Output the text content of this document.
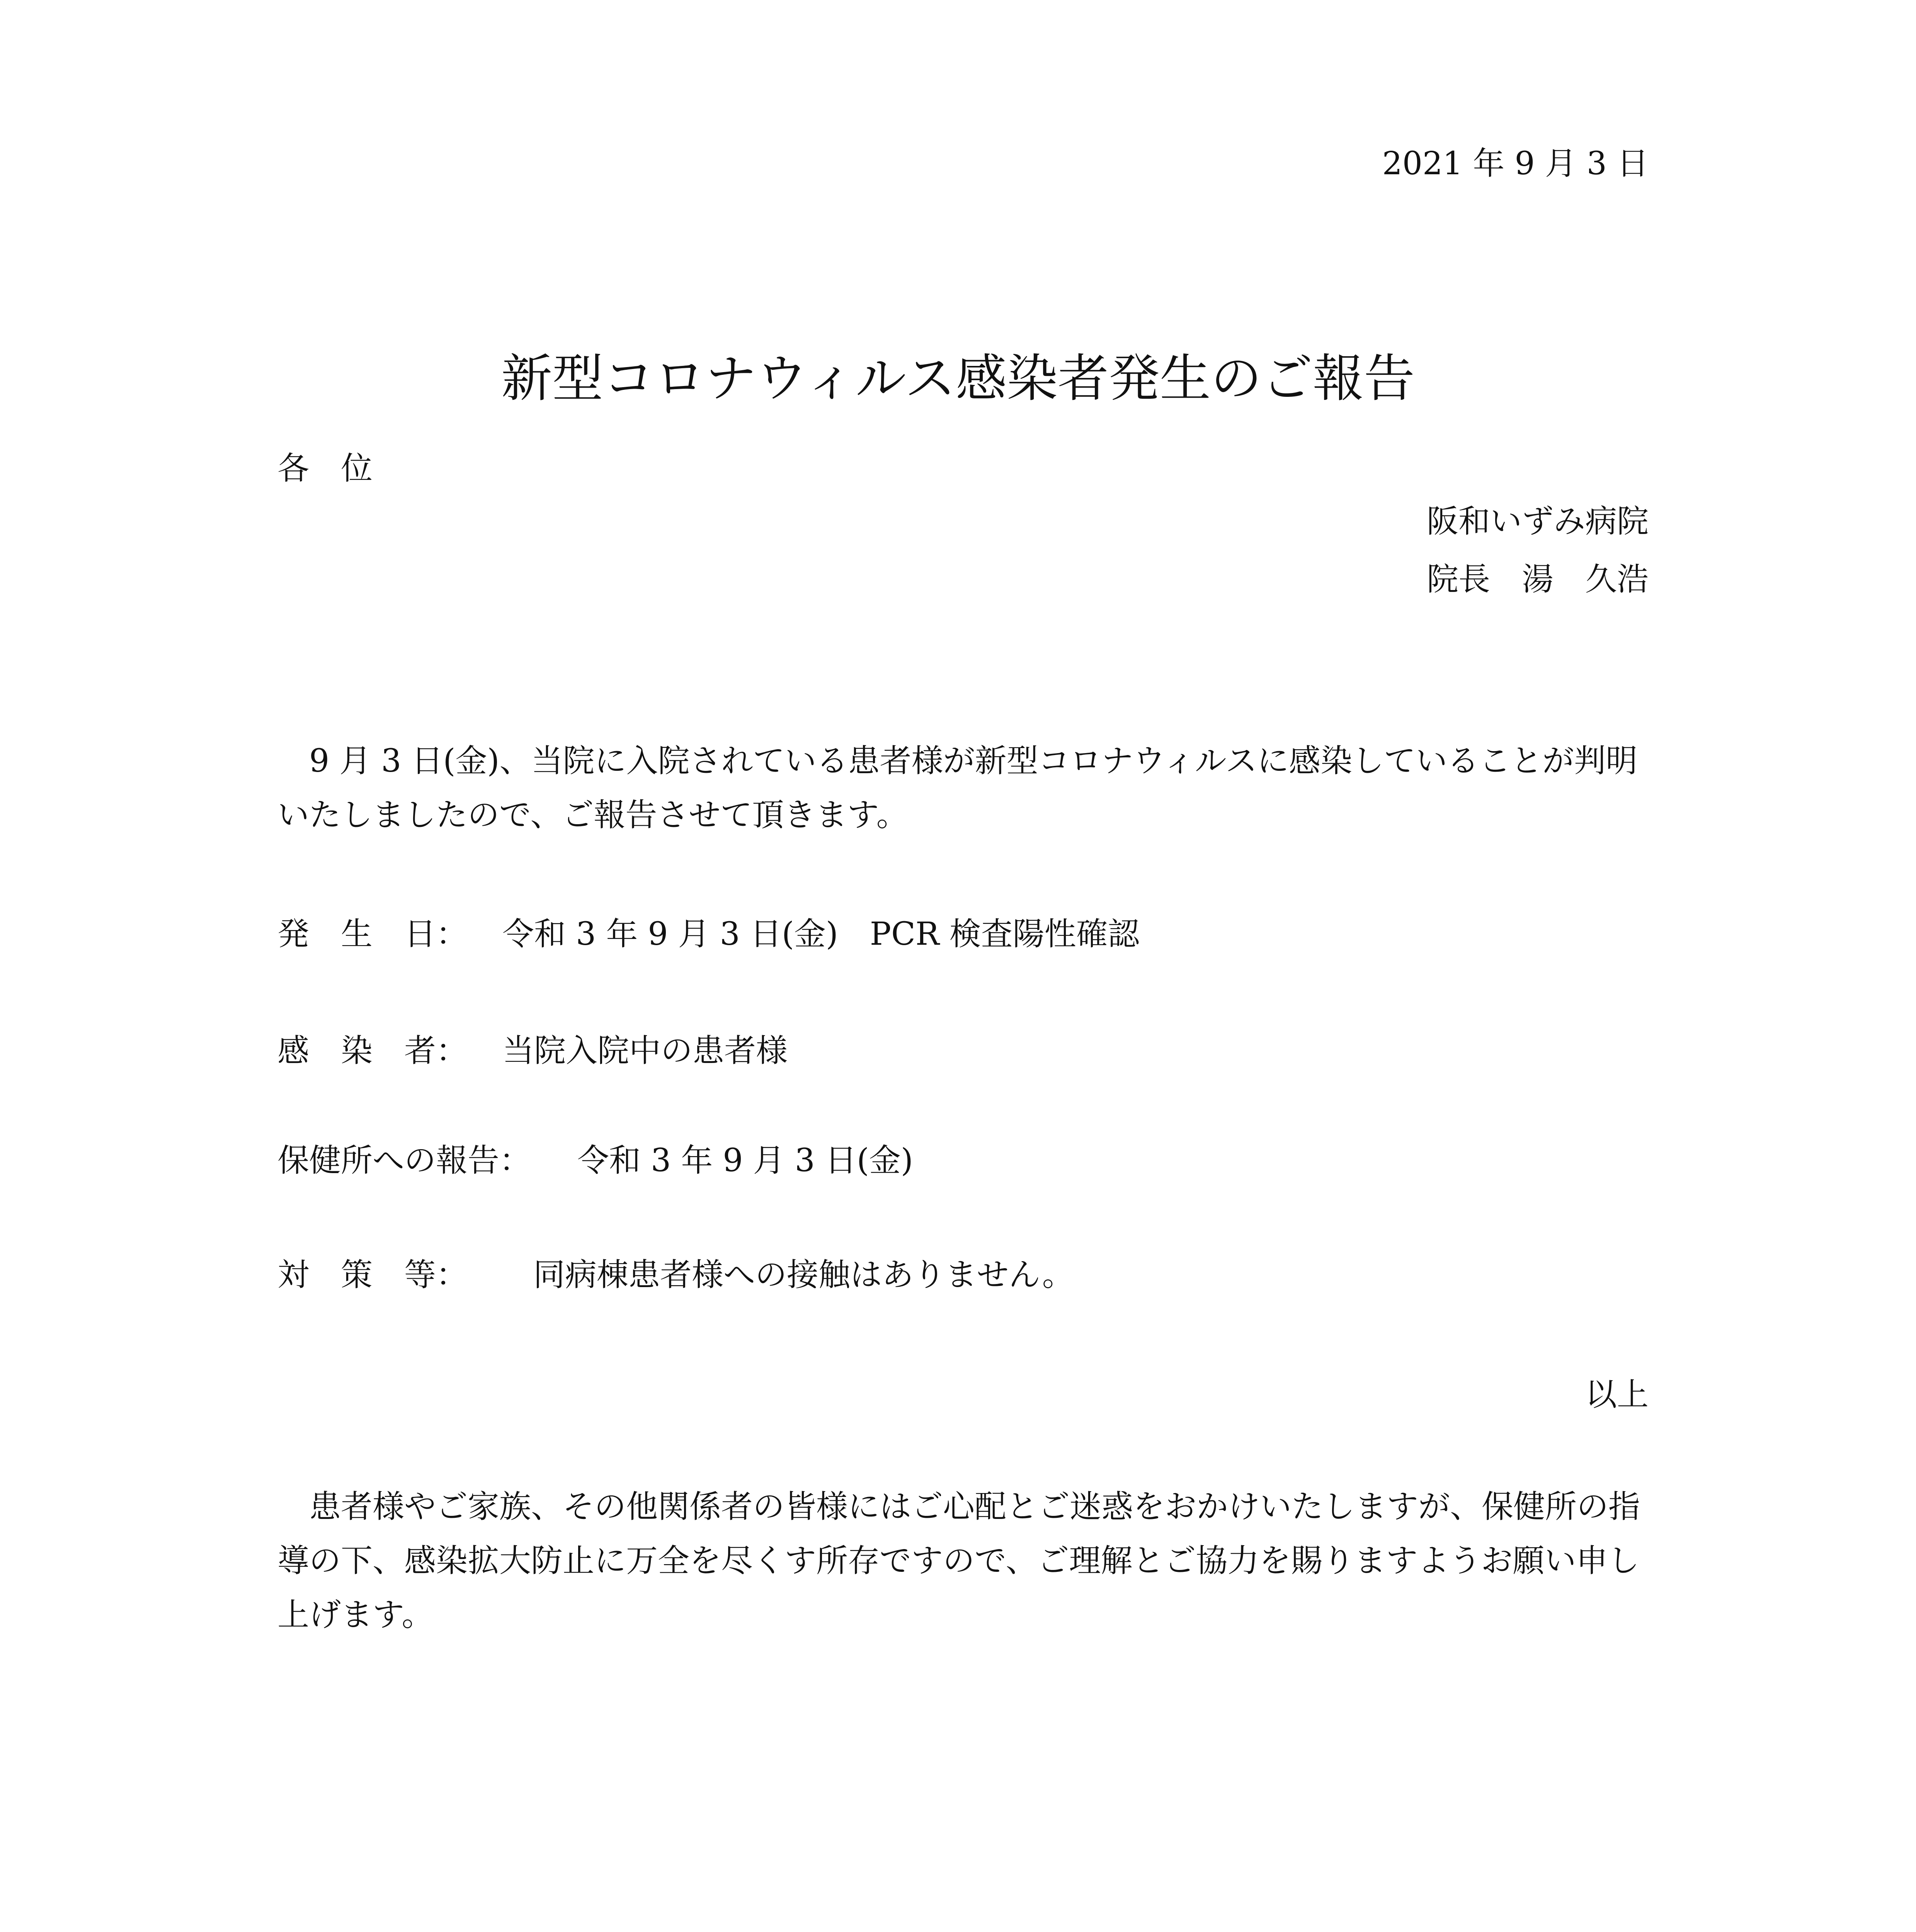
2021 年 9 月 3 日
新型コロナウィルス感染者発生のご報告
各　位
阪和いずみ病院
院長　湯　久浩

9 月 3 日(金)、当院に入院されている患者様が新型コロナウィルスに感染していることが判明いたしましたので、ご報告させて頂きます。

発　生　日： 令和 3 年 9 月 3 日(金)　PCR 検査陽性確認
感　染　者： 当院入院中の患者様
保健所への報告： 令和 3 年 9 月 3 日(金)
対　策　等： 同病棟患者様への接触はありません。
以上

患者様やご家族、その他関係者の皆様にはご心配とご迷惑をおかけいたしますが、保健所の指導の下、感染拡大防止に万全を尽くす所存ですので、ご理解とご協力を賜りますようお願い申し上げます。
